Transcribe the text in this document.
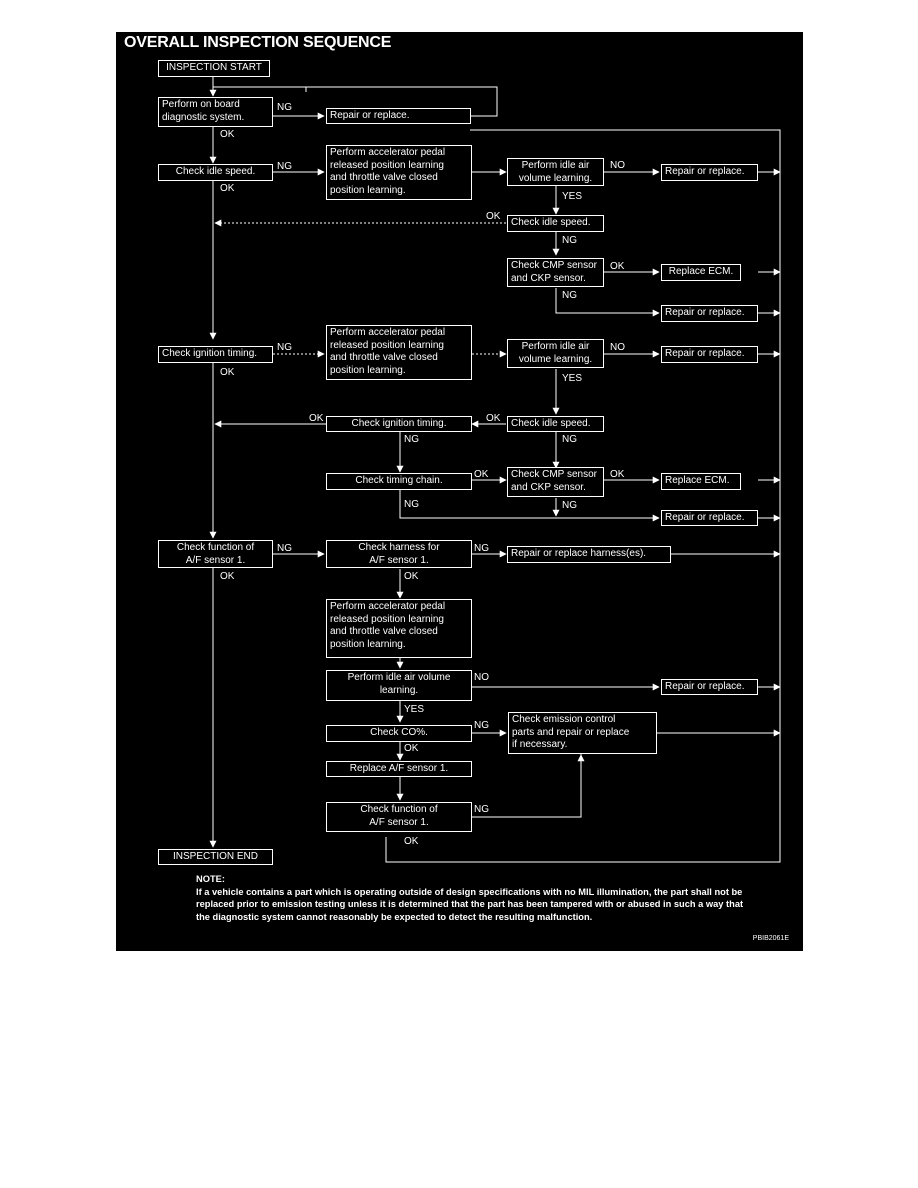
OVERALL INSPECTION SEQUENCE
INSPECTION START
Perform on board
diagnostic system.	Repair or replace.
Check idle speed.
Perform accelerator pedal
released position learning
and throttle valve closed
position learning.
Perform idle air
volume learning.
Repair or replace.
Check idle speed.
Check CMP sensor
and CKP sensor.
Replace ECM.
Repair or replace.
Check ignition timing.
Perform accelerator pedal
released position learning
and throttle valve closed
position learning.
Perform idle air
volume learning.	Repair or replace.
Check ignition timing.	Check idle speed.
Check timing chain.
Check CMP sensor
and CKP sensor.
Replace ECM.
Repair or replace.
Check function of
A/F sensor 1.
Check harness for
A/F sensor 1.
Repair or replace harness(es).
Perform accelerator pedal
released position learning
and throttle valve closed
position learning.
Perform idle air volume
learning.	Repair or replace.
Check CO%.
Check emission control
parts and repair or replace
if necessary.
Replace A/F sensor 1.
Check function of
A/F sensor 1.
INSPECTION END
NG
OK
NG
OK
NO
YES
OK
NG
OK
NG
NG
OK
NO
YES
OK	OK
NG	NG
OK	OK
NG	NG
NG
OK
NG
OK
NO
YES
NG
OK
NG
OK
NOTE:
If a vehicle contains a part which is operating outside of design specifications with no MIL illumination, the part shall not be replaced prior to emission testing unless it is determined that the part has been tampered with or abused in such a way that the diagnostic system cannot reasonably be expected to detect the resulting malfunction.
PBIB2061E
